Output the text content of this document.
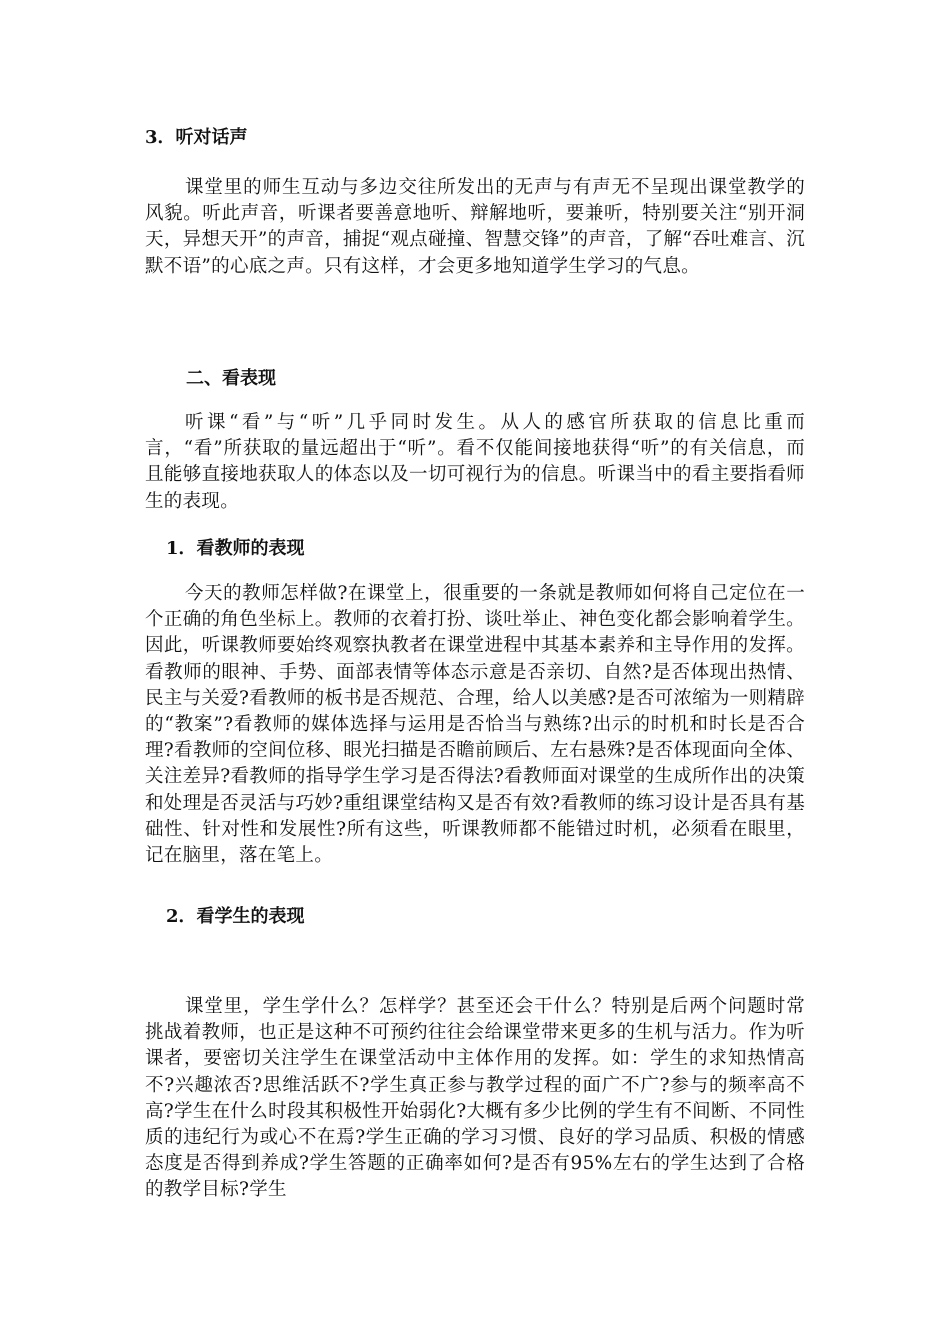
3．听对话声

课堂里的师生互动与多边交往所发出的无声与有声无不呈现出课堂教学的风貌。听此声音，听课者要善意地听、辩解地听，要兼听，特别要关注“别开洞天，异想天开”的声音，捕捉“观点碰撞、智慧交锋”的声音，了解“吞吐难言、沉默不语”的心底之声。只有这样，才会更多地知道学生学习的气息。

二、看表现

听课“看”与“听”几乎同时发生。从人的感官所获取的信息比重而言，“看”所获取的量远超出于“听”。看不仅能间接地获得“听”的有关信息，而且能够直接地获取人的体态以及一切可视行为的信息。听课当中的看主要指看师生的表现。

1．看教师的表现

今天的教师怎样做?在课堂上，很重要的一条就是教师如何将自己定位在一个正确的角色坐标上。教师的衣着打扮、谈吐举止、神色变化都会影响着学生。因此，听课教师要始终观察执教者在课堂进程中其基本素养和主导作用的发挥。看教师的眼神、手势、面部表情等体态示意是否亲切、自然?是否体现出热情、民主与关爱?看教师的板书是否规范、合理，给人以美感?是否可浓缩为一则精辟的“教案”?看教师的媒体选择与运用是否恰当与熟练?出示的时机和时长是否合理?看教师的空间位移、眼光扫描是否瞻前顾后、左右悬殊?是否体现面向全体、关注差异?看教师的指导学生学习是否得法?看教师面对课堂的生成所作出的决策和处理是否灵活与巧妙?重组课堂结构又是否有效?看教师的练习设计是否具有基础性、针对性和发展性?所有这些，听课教师都不能错过时机，必须看在眼里，记在脑里，落在笔上。

2．看学生的表现

课堂里，学生学什么？怎样学？甚至还会干什么？特别是后两个问题时常挑战着教师，也正是这种不可预约往往会给课堂带来更多的生机与活力。作为听课者，要密切关注学生在课堂活动中主体作用的发挥。如：学生的求知热情高不?兴趣浓否?思维活跃不?学生真正参与教学过程的面广不广?参与的频率高不高?学生在什么时段其积极性开始弱化?大概有多少比例的学生有不间断、不同性质的违纪行为或心不在焉?学生正确的学习习惯、良好的学习品质、积极的情感态度是否得到养成?学生答题的正确率如何?是否有95%左右的学生达到了合格的教学目标?学生
